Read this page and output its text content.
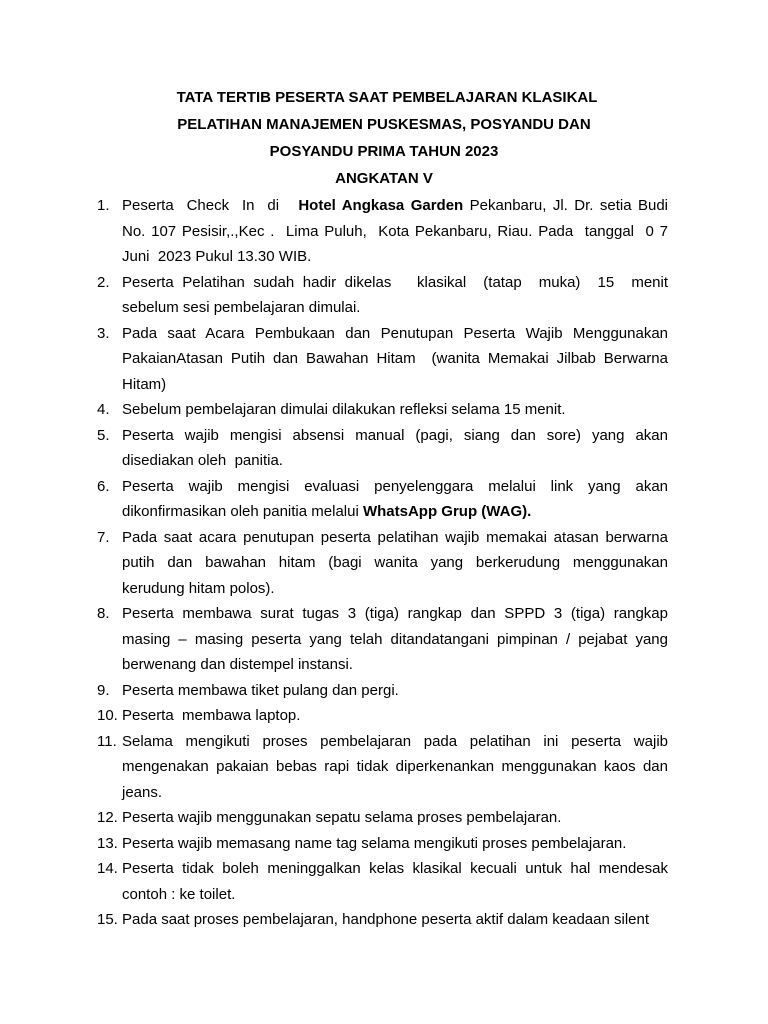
TATA TERTIB PESERTA SAAT PEMBELAJARAN KLASIKAL
PELATIHAN MANAJEMEN PUSKESMAS, POSYANDU DAN
POSYANDU PRIMA TAHUN 2023
ANGKATAN V
1. Peserta  Check  In  di   Hotel Angkasa Garden Pekanbaru, Jl. Dr. setia Budi
No. 107 Pesisir,.,Kec .  Lima Puluh,  Kota Pekanbaru, Riau. Pada  tanggal  0 7
Juni  2023 Pukul 13.30 WIB.
2. Peserta Pelatihan sudah hadir dikelas   klasikal  (tatap  muka)  15  menit
sebelum sesi pembelajaran dimulai.
3. Pada saat Acara Pembukaan dan Penutupan Peserta Wajib Menggunakan
PakaianAtasan Putih dan Bawahan Hitam  (wanita Memakai Jilbab Berwarna
Hitam)
4. Sebelum pembelajaran dimulai dilakukan refleksi selama 15 menit.
5. Peserta  wajib  mengisi  absensi  manual  (pagi,  siang  dan  sore)  yang  akan
disediakan oleh  panitia.
6. Peserta  wajib  mengisi  evaluasi  penyelenggara  melalui  link  yang  akan
dikonfirmasikan oleh panitia melalui WhatsApp Grup (WAG).
7. Pada saat acara penutupan peserta pelatihan wajib memakai atasan berwarna
putih  dan  bawahan  hitam  (bagi  wanita  yang  berkerudung  menggunakan
kerudung hitam polos).
8. Peserta  membawa  surat  tugas  3  (tiga)  rangkap  dan  SPPD  3  (tiga)  rangkap
masing – masing peserta yang telah ditandatangani pimpinan / pejabat yang
berwenang dan distempel instansi.
9. Peserta membawa tiket pulang dan pergi.
10. Peserta  membawa laptop.
11. Selama  mengikuti  proses  pembelajaran  pada  pelatihan  ini  peserta  wajib
mengenakan pakaian bebas rapi tidak diperkenankan menggunakan kaos dan
jeans.
12. Peserta wajib menggunakan sepatu selama proses pembelajaran.
13. Peserta wajib memasang name tag selama mengikuti proses pembelajaran.
14. Peserta  tidak  boleh  meninggalkan  kelas  klasikal  kecuali  untuk  hal  mendesak
contoh : ke toilet.
15. Pada saat proses pembelajaran, handphone peserta aktif dalam keadaan silent
